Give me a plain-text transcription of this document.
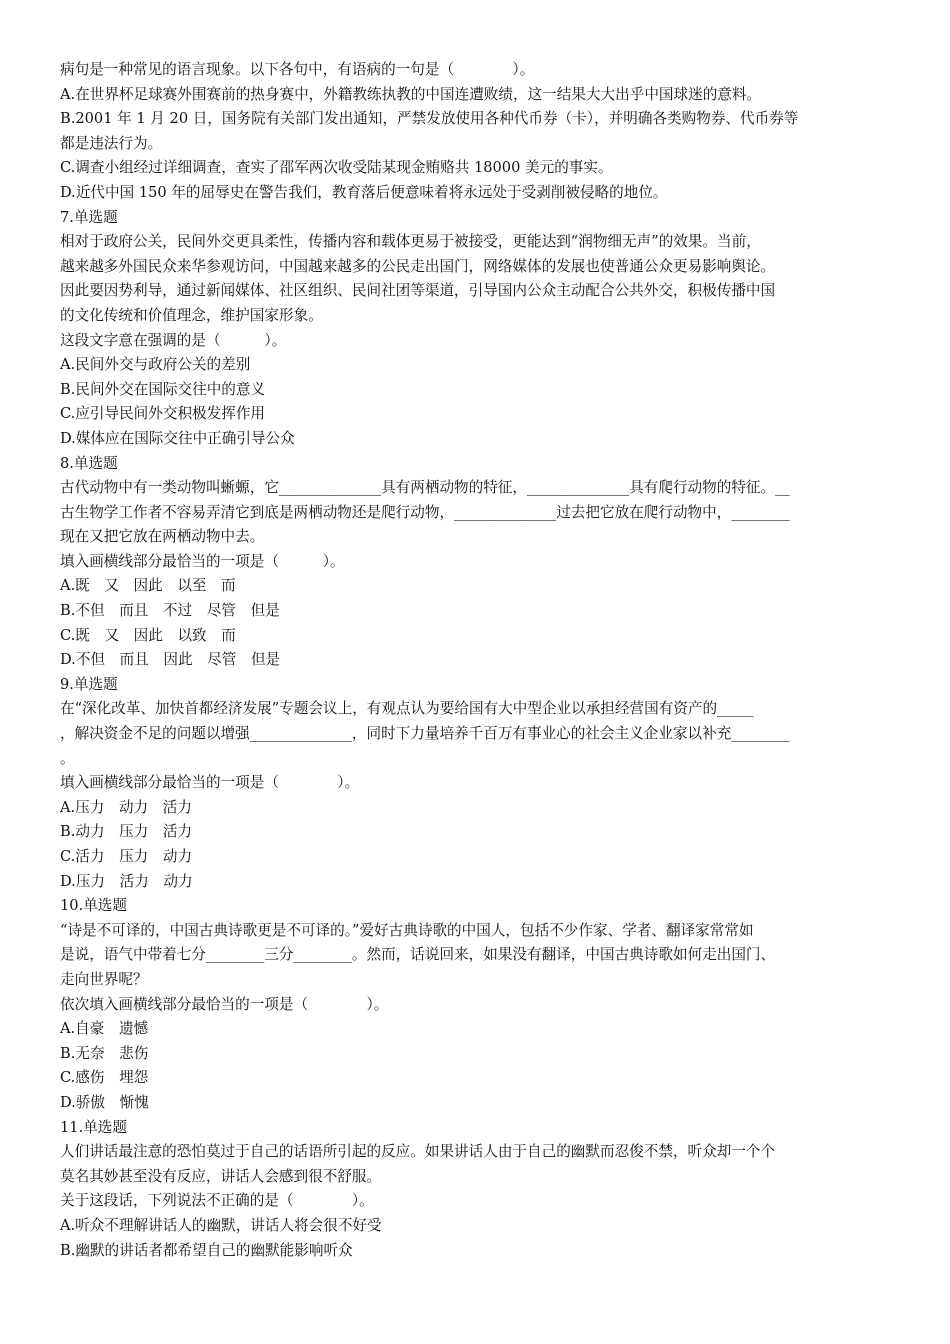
病句是一种常见的语言现象。以下各句中，有语病的一句是（　　　　）。
A.在世界杯足球赛外围赛前的热身赛中，外籍教练执教的中国连遭败绩，这一结果大大出乎中国球迷的意料。
B.2001 年 1 月 20 日，国务院有关部门发出通知，严禁发放使用各种代币券（卡），并明确各类购物券、代币券等
都是违法行为。
C.调查小组经过详细调查，查实了邵军两次收受陆某现金贿赂共 18000 美元的事实。
D.近代中国 150 年的屈辱史在警告我们，教育落后便意味着将永远处于受剥削被侵略的地位。
7.单选题
相对于政府公关，民间外交更具柔性，传播内容和载体更易于被接受，更能达到“润物细无声”的效果。当前，
越来越多外国民众来华参观访问，中国越来越多的公民走出国门，网络媒体的发展也使普通公众更易影响舆论。
因此要因势利导，通过新闻媒体、社区组织、民间社团等渠道，引导国内公众主动配合公共外交，积极传播中国
的文化传统和价值理念，维护国家形象。
这段文字意在强调的是（　　　）。
A.民间外交与政府公关的差别
B.民间外交在国际交往中的意义
C.应引导民间外交积极发挥作用
D.媒体应在国际交往中正确引导公众
8.单选题
古代动物中有一类动物叫蜥螈，它______________具有两栖动物的特征，______________具有爬行动物的特征。__
古生物学工作者不容易弄清它到底是两栖动物还是爬行动物，______________过去把它放在爬行动物中，________
现在又把它放在两栖动物中去。
填入画横线部分最恰当的一项是（　　　）。
A.既　又　因此　以至　而
B.不但　而且　不过　尽管　但是
C.既　又　因此　以致　而
D.不但　而且　因此　尽管　但是
9.单选题
在“深化改革、加快首都经济发展”专题会议上，有观点认为要给国有大中型企业以承担经营国有资产的_____
，解决资金不足的问题以增强______________，同时下力量培养千百万有事业心的社会主义企业家以补充________
。
填入画横线部分最恰当的一项是（　　　　）。
A.压力　动力　活力
B.动力　压力　活力
C.活力　压力　动力
D.压力　活力　动力
10.单选题
“诗是不可译的，中国古典诗歌更是不可译的。”爱好古典诗歌的中国人，包括不少作家、学者、翻译家常常如
是说，语气中带着七分________三分________。然而，话说回来，如果没有翻译，中国古典诗歌如何走出国门、
走向世界呢？
依次填入画横线部分最恰当的一项是（　　　　）。
A.自豪　遗憾
B.无奈　悲伤
C.感伤　埋怨
D.骄傲　惭愧
11.单选题
人们讲话最注意的恐怕莫过于自己的话语所引起的反应。如果讲话人由于自己的幽默而忍俊不禁，听众却一个个
莫名其妙甚至没有反应，讲话人会感到很不舒服。
关于这段话，下列说法不正确的是（　　　　）。
A.听众不理解讲话人的幽默，讲话人将会很不好受
B.幽默的讲话者都希望自己的幽默能影响听众
